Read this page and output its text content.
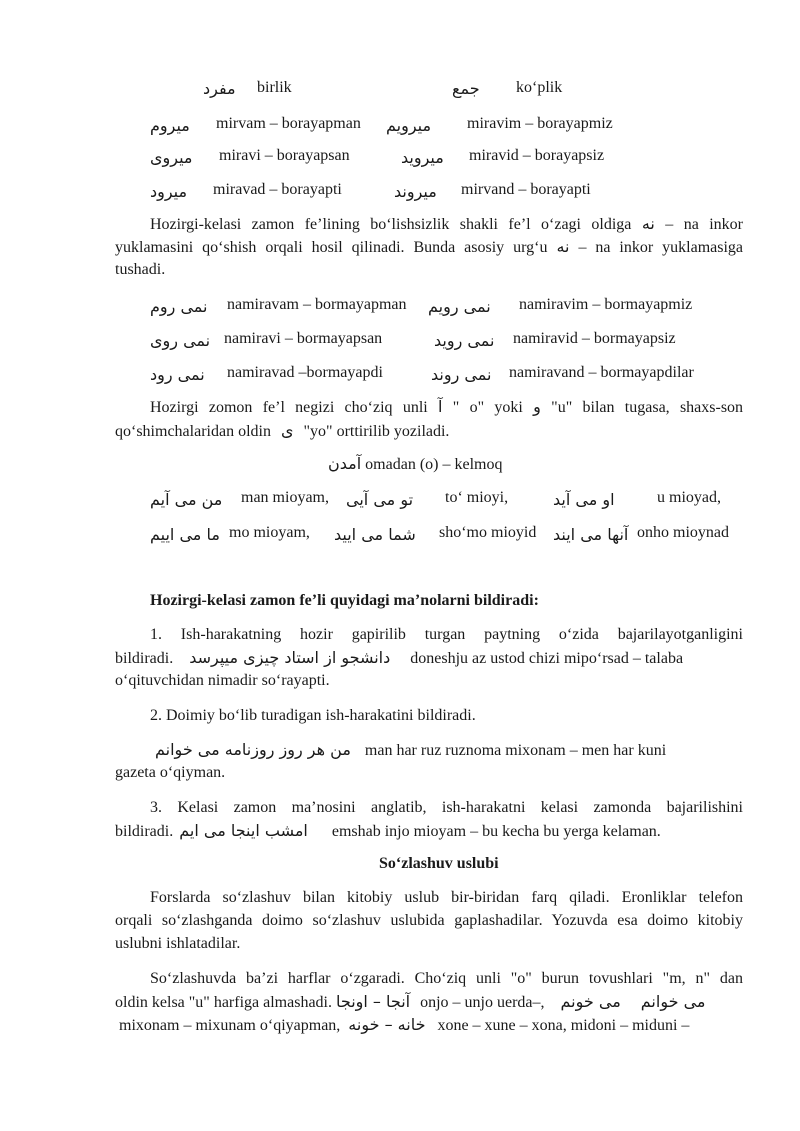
مفرد birlik	جمع ko‘plik
میروم mirvam – borayapman میرویم miravim – borayapmiz
میروی miravi – borayapsan	میروید miravid – borayapsiz
میرود miravad – borayapti	میروند mirvand – borayapti
Hozirgi-kelasi zamon fe’lining bo‘lishsizlik shakli fe’l o‘zagi oldiga نه – na inkor
yuklamasini qo‘shish orqali hosil qilinadi. Bunda asosiy urg‘u نه – na inkor yuklamasiga
tushadi.
نمی روم namiravam – bormayapman نمی رویم namiravim – bormayapmiz
نمی روی namiravi – bormayapsan	نمی روید namiravid – bormayapsiz
نمی رود namiravad –bormayapdi	نمی روند namiravand – bormayapdilar
Hozirgi zomon fe’l negizi cho‘ziq unli آ " o" yoki و "u" bilan tugasa, shaxs-son
qo‘shimchalaridan oldin ی "yo" orttirilib yoziladi.
آمدن omadan (o) – kelmoq
من می آیم man mioyam, تو می آیی to‘ mioyi,	او می آید	u mioyad,
ما می اییم mo mioyam, شما می ایید sho‘mo mioyid آنها می ایند onho mioynad
Hozirgi-kelasi zamon fe’li quyidagi ma’nolarni bildiradi:
1. Ish-harakatning hozir gapirilib turgan paytning o‘zida bajarilayotganligini
bildiradi. دانشجو از استاد چیزی میپرسد doneshju az ustod chizi mipo‘rsad – talaba
o‘qituvchidan nimadir so‘rayapti.
2. Doimiy bo‘lib turadigan ish-harakatini bildiradi.
من هر روز روزنامه می خوانم man har ruz ruznoma mixonam – men har kuni
gazeta o‘qiyman.
3. Kelasi zamon ma’nosini anglatib, ish-harakatni kelasi zamonda bajarilishini
bildiradi. امشب اینجا می ایم emshab injo mioyam – bu kecha bu yerga kelaman.
So‘zlashuv uslubi
Forslarda so‘zlashuv bilan kitobiy uslub bir-biridan farq qiladi. Eronliklar telefon
orqali so‘zlashganda doimo so‘zlashuv uslubida gaplashadilar. Yozuvda esa doimo kitobiy
uslubni ishlatadilar.
So‘zlashuvda ba’zi harflar o‘zgaradi. Cho‘ziq unli "o" burun tovushlari "m, n" dan
oldin kelsa "u" harfiga almashadi. آنجا – اونجا onjo – unjo uerda–, می خونم می خوانم
mixonam – mixunam o‘qiyapman, خانه – خونه xone – xune – xona, midoni – miduni –
